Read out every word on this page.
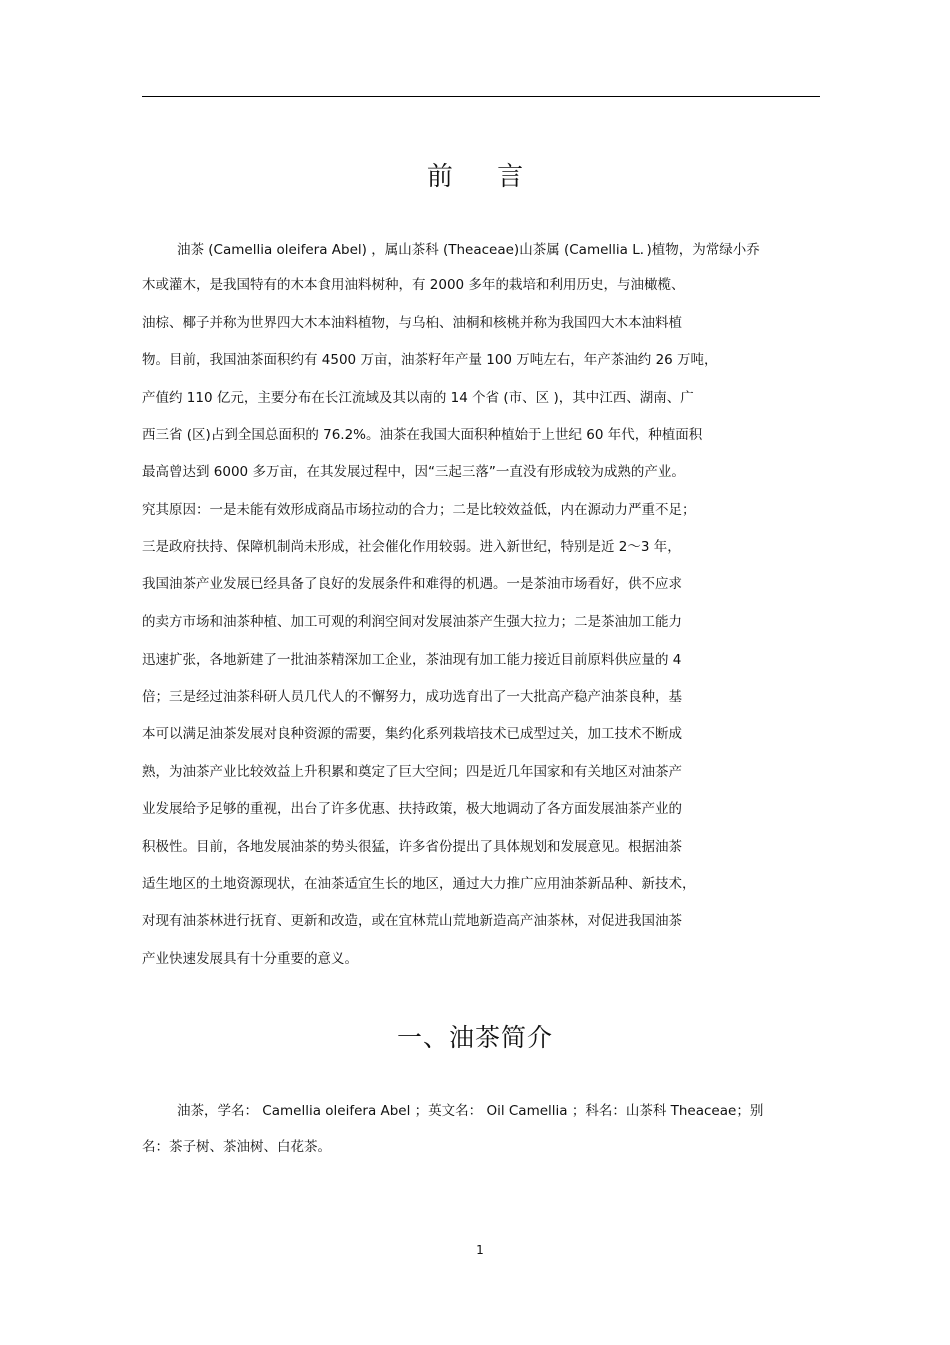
前 言
油茶 (Camellia oleifera Abel) ，属山茶科 (Theaceae)山茶属 (Camellia L．)植物，为常绿小乔
木或灌木，是我国特有的木本食用油料树种，有 2000 多年的栽培和利用历史，与油橄榄、
油棕、椰子并称为世界四大木本油料植物，与乌桕、油桐和核桃并称为我国四大木本油料植
物。目前，我国油茶面积约有 4500 万亩，油茶籽年产量 100 万吨左右，年产茶油约 26 万吨，
产值约 110 亿元，主要分布在长江流域及其以南的 14 个省 (市、区 )，其中江西、湖南、广
西三省 (区)占到全国总面积的 76.2%。油茶在我国大面积种植始于上世纪 60 年代，种植面积
最高曾达到 6000 多万亩，在其发展过程中，因“三起三落”一直没有形成较为成熟的产业。
究其原因：一是未能有效形成商品市场拉动的合力；二是比较效益低，内在源动力严重不足；
三是政府扶持、保障机制尚未形成，社会催化作用较弱。进入新世纪，特别是近 2～3 年，
我国油茶产业发展已经具备了良好的发展条件和难得的机遇。一是茶油市场看好，供不应求
的卖方市场和油茶种植、加工可观的利润空间对发展油茶产生强大拉力；二是茶油加工能力
迅速扩张，各地新建了一批油茶精深加工企业，茶油现有加工能力接近目前原料供应量的 4
倍；三是经过油茶科研人员几代人的不懈努力，成功选育出了一大批高产稳产油茶良种，基
本可以满足油茶发展对良种资源的需要，集约化系列栽培技术已成型过关，加工技术不断成
熟，为油茶产业比较效益上升积累和奠定了巨大空间；四是近几年国家和有关地区对油茶产
业发展给予足够的重视，出台了许多优惠、扶持政策，极大地调动了各方面发展油茶产业的
积极性。目前，各地发展油茶的势头很猛，许多省份提出了具体规划和发展意见。根据油茶
适生地区的土地资源现状，在油茶适宜生长的地区，通过大力推广应用油茶新品种、新技术，
对现有油茶林进行抚育、更新和改造，或在宜林荒山荒地新造高产油茶林，对促进我国油茶
产业快速发展具有十分重要的意义。
一、油茶简介
油茶，学名： Camellia oleifera Abel ；英文名： Oil Camellia ；科名：山茶科 Theaceae；别
名：茶子树、茶油树、白花茶。
1
